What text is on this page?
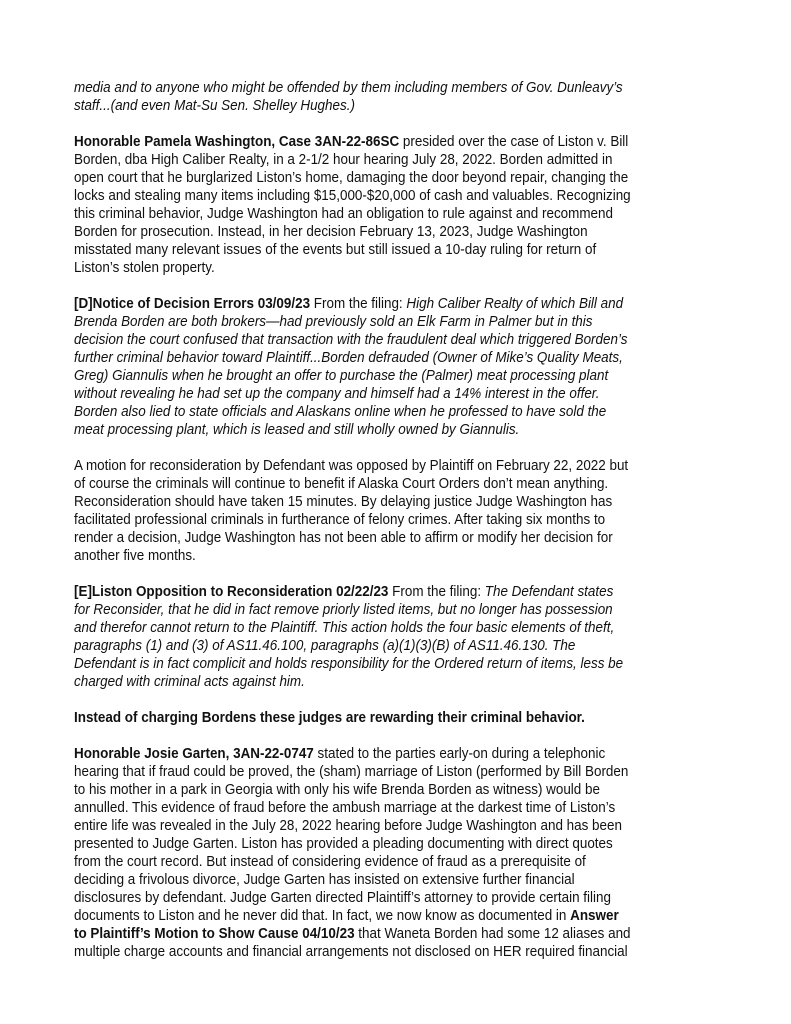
media and to anyone who might be offended by them including members of Gov. Dunleavy’s
staff...(and even Mat-Su Sen. Shelley Hughes.)
Honorable Pamela Washington, Case 3AN-22-86SC presided over the case of Liston v. Bill
Borden, dba High Caliber Realty, in a 2-1/2 hour hearing July 28, 2022. Borden admitted in
open court that he burglarized Liston’s home, damaging the door beyond repair, changing the
locks and stealing many items including $15,000-$20,000 of cash and valuables. Recognizing
this criminal behavior, Judge Washington had an obligation to rule against and recommend
Borden for prosecution. Instead, in her decision February 13, 2023, Judge Washington
misstated many relevant issues of the events but still issued a 10-day ruling for return of
Liston’s stolen property.
[D]Notice of Decision Errors 03/09/23 From the filing: High Caliber Realty of which Bill and
Brenda Borden are both brokers—had previously sold an Elk Farm in Palmer but in this
decision the court confused that transaction with the fraudulent deal which triggered Borden’s
further criminal behavior toward Plaintiff...Borden defrauded (Owner of Mike’s Quality Meats,
Greg) Giannulis when he brought an offer to purchase the (Palmer) meat processing plant
without revealing he had set up the company and himself had a 14% interest in the offer.
Borden also lied to state officials and Alaskans online when he professed to have sold the
meat processing plant, which is leased and still wholly owned by Giannulis.
A motion for reconsideration by Defendant was opposed by Plaintiff on February 22, 2022 but
of course the criminals will continue to benefit if Alaska Court Orders don’t mean anything.
Reconsideration should have taken 15 minutes. By delaying justice Judge Washington has
facilitated professional criminals in furtherance of felony crimes. After taking six months to
render a decision, Judge Washington has not been able to affirm or modify her decision for
another five months.
[E]Liston Opposition to Reconsideration 02/22/23 From the filing: The Defendant states
for Reconsider, that he did in fact remove priorly listed items, but no longer has possession
and therefor cannot return to the Plaintiff. This action holds the four basic elements of theft,
paragraphs (1) and (3) of AS11.46.100, paragraphs (a)(1)(3)(B) of AS11.46.130. The
Defendant is in fact complicit and holds responsibility for the Ordered return of items, less be
charged with criminal acts against him.
Instead of charging Bordens these judges are rewarding their criminal behavior.
Honorable Josie Garten, 3AN-22-0747 stated to the parties early-on during a telephonic
hearing that if fraud could be proved, the (sham) marriage of Liston (performed by Bill Borden
to his mother in a park in Georgia with only his wife Brenda Borden as witness) would be
annulled. This evidence of fraud before the ambush marriage at the darkest time of Liston’s
entire life was revealed in the July 28, 2022 hearing before Judge Washington and has been
presented to Judge Garten. Liston has provided a pleading documenting with direct quotes
from the court record. But instead of considering evidence of fraud as a prerequisite of
deciding a frivolous divorce, Judge Garten has insisted on extensive further financial
disclosures by defendant. Judge Garten directed Plaintiff’s attorney to provide certain filing
documents to Liston and he never did that. In fact, we now know as documented in Answer
to Plaintiff’s Motion to Show Cause 04/10/23 that Waneta Borden had some 12 aliases and
multiple charge accounts and financial arrangements not disclosed on HER required financial
